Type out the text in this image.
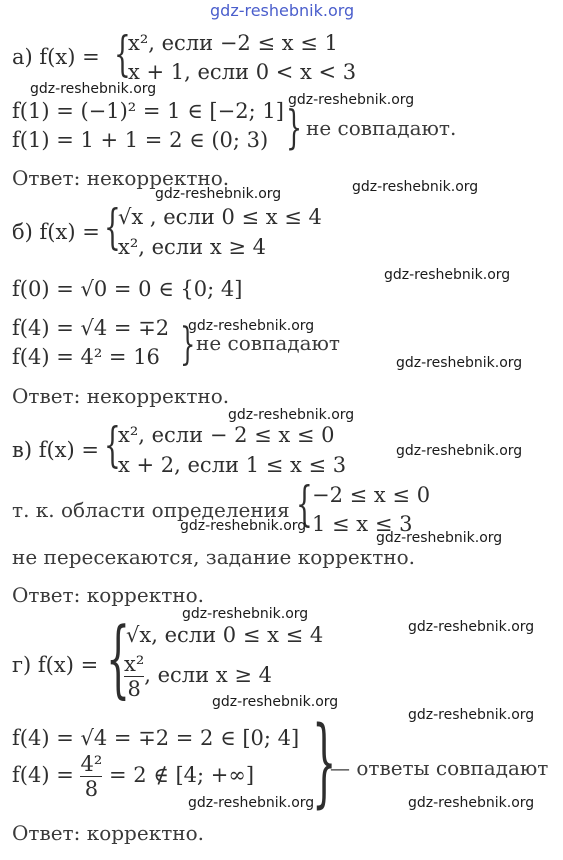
gdz-reshebnik.org
а) f(x) = {
x², если −2 ≤ x ≤ 1
x + 1, если 0 < x < 3
gdz-reshebnik.org
f(1) = (−1)² = 1 ∈ [−2; 1] gdz-reshebnik.org
f(1) = 1 + 1 = 2 ∈ (0; 3) } не совпадают.
Ответ: некорректно.
gdz-reshebnik.org	gdz-reshebnik.org
б) f(x) = {
√x , если 0 ≤ x ≤ 4
x², если x ≥ 4
gdz-reshebnik.org
f(0) = √0 = 0 ∈ {0; 4]
f(4) = √4 = ∓2 gdz-reshebnik.org
f(4) = 4² = 16 } не совпадают
gdz-reshebnik.org
Ответ: некорректно.
gdz-reshebnik.org
в) f(x) = {
x², если − 2 ≤ x ≤ 0
x + 2, если 1 ≤ x ≤ 3
gdz-reshebnik.org
т. к. области определения { −2 ≤ x ≤ 0
1 ≤ x ≤ 3
gdz-reshebnik.org
gdz-reshebnik.org
не пересекаются, задание корректно.
Ответ: корректно.
gdz-reshebnik.org
gdz-reshebnik.org
г) f(x) = {
√x, если 0 ≤ x ≤ 4
$\frac{\text{x²}}{8}$ , если x ≥ 4
gdz-reshebnik.org
gdz-reshebnik.org
f(4) = √4 = ∓2 = 2 ∈ [0; 4]
$f(4) = \frac{\text{4²}}{8} = 2$ ∉ [4; +∞] }
— ответы совпадают
gdz-reshebnik.org	gdz-reshebnik.org
Ответ: корректно.
